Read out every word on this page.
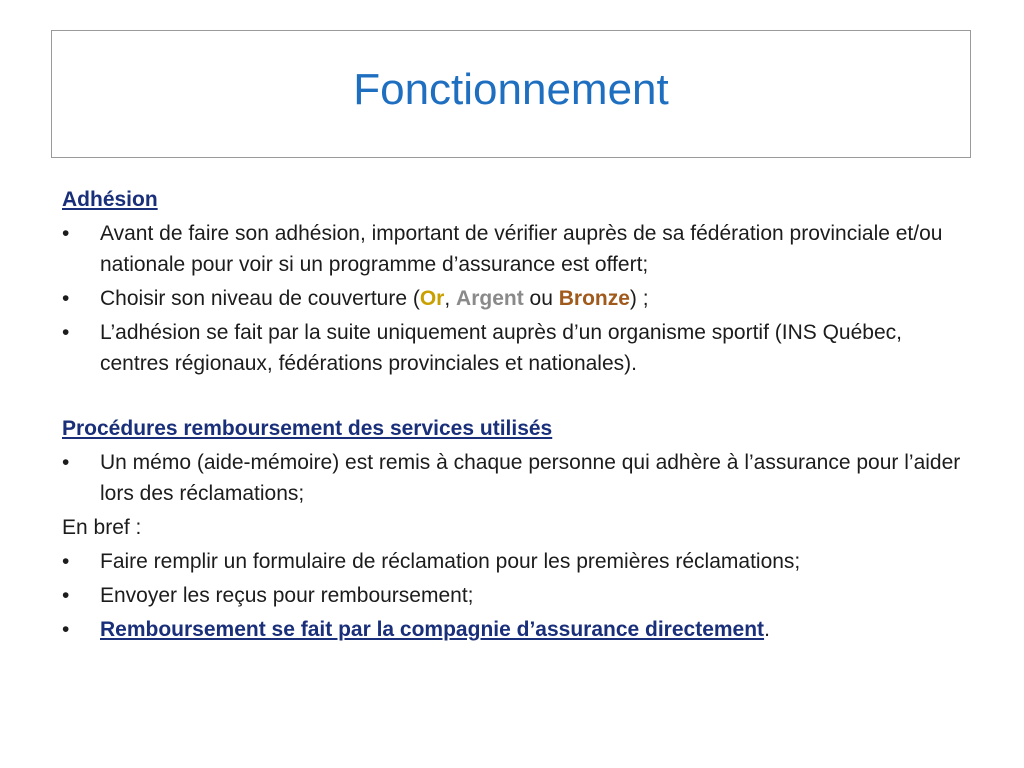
Fonctionnement
Adhésion
• Avant de faire son adhésion, important de vérifier auprès de sa fédération provinciale et/ou nationale pour voir si un programme d’assurance est offert;
• Choisir son niveau de couverture (Or, Argent ou Bronze) ;
• L’adhésion se fait par la suite uniquement auprès d’un organisme sportif (INS Québec, centres régionaux, fédérations provinciales et nationales).
Procédures remboursement des services utilisés
• Un mémo (aide-mémoire) est remis à chaque personne qui adhère à l’assurance pour l’aider lors des réclamations;
En bref :
• Faire remplir un formulaire de réclamation pour les premières réclamations;
• Envoyer les reçus pour remboursement;
• Remboursement se fait par la compagnie d’assurance directement.
